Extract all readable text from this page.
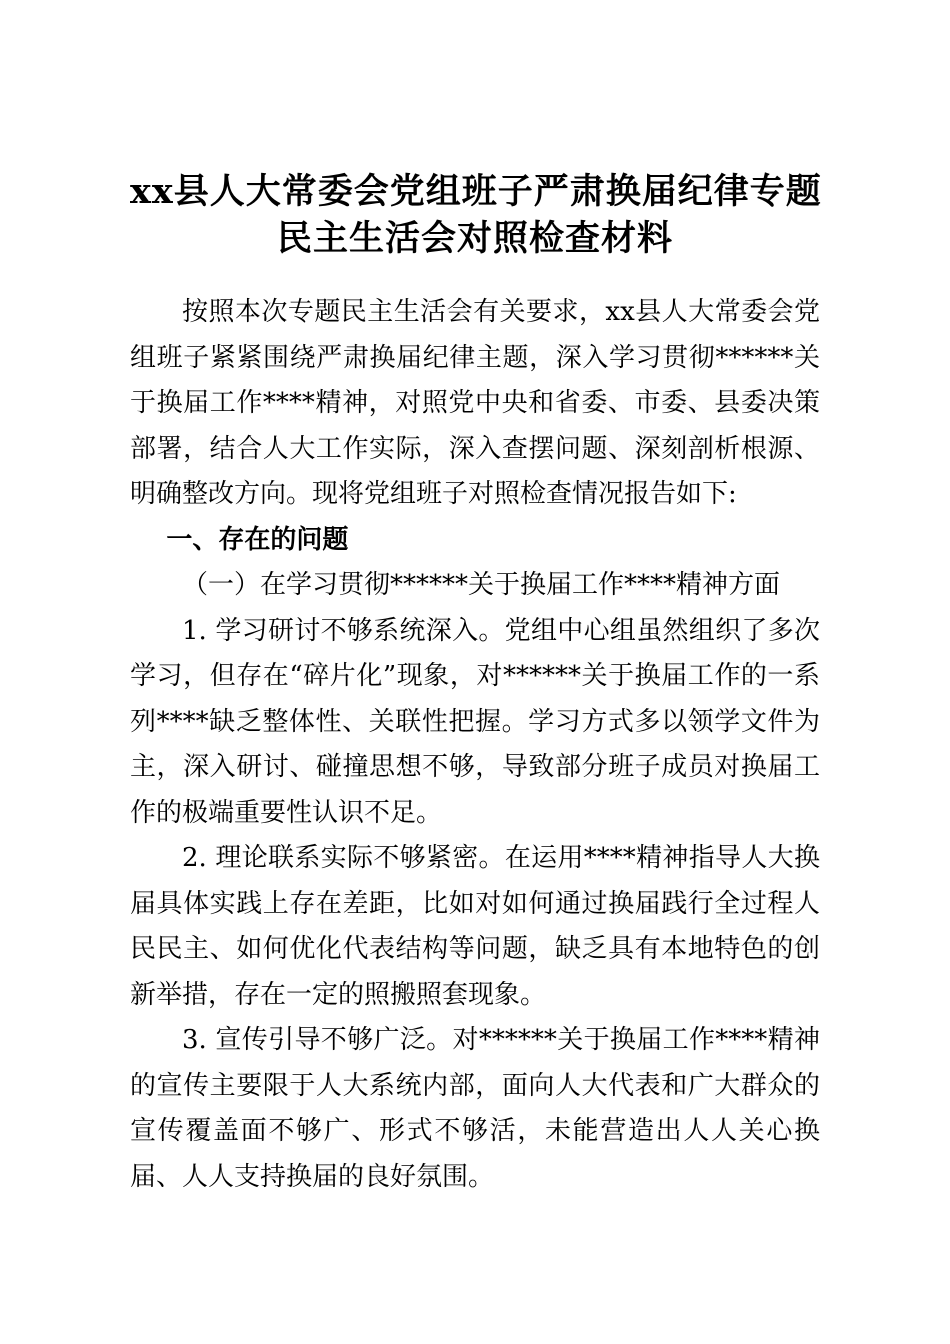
xx县人大常委会党组班子严肃换届纪律专题
民主生活会对照检查材料

按照本次专题民主生活会有关要求，xx县人大常委会党组班子紧紧围绕严肃换届纪律主题，深入学习贯彻******关于换届工作****精神，对照党中央和省委、市委、县委决策部署，结合人大工作实际，深入查摆问题、深刻剖析根源、明确整改方向。现将党组班子对照检查情况报告如下:

一、存在的问题

（一）在学习贯彻******关于换届工作****精神方面

1. 学习研讨不够系统深入。党组中心组虽然组织了多次学习，但存在“碎片化”现象，对******关于换届工作的一系列****缺乏整体性、关联性把握。学习方式多以领学文件为主，深入研讨、碰撞思想不够，导致部分班子成员对换届工作的极端重要性认识不足。

2. 理论联系实际不够紧密。在运用****精神指导人大换届具体实践上存在差距，比如对如何通过换届践行全过程人民民主、如何优化代表结构等问题，缺乏具有本地特色的创新举措，存在一定的照搬照套现象。

3. 宣传引导不够广泛。对******关于换届工作****精神的宣传主要限于人大系统内部，面向人大代表和广大群众的宣传覆盖面不够广、形式不够活，未能营造出人人关心换届、人人支持换届的良好氛围。
